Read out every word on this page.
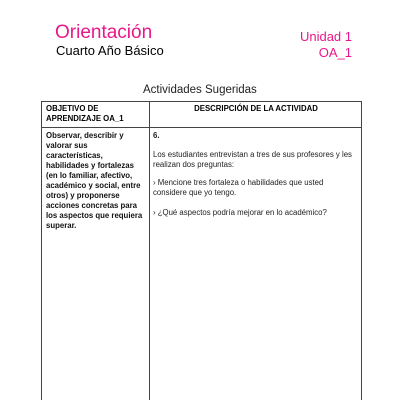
Orientación
Cuarto Año Básico
Unidad 1
OA_1
Actividades Sugeridas
OBJETIVO DE APRENDIZAJE OA_1
DESCRIPCIÓN DE LA ACTIVIDAD
Observar, describir y valorar sus características, habilidades y fortalezas (en lo familiar, afectivo, académico y social, entre otros) y proponerse acciones concretas para los aspectos que requiera superar.

6.

Los estudiantes entrevistan a tres de sus profesores y les realizan dos preguntas:

› Mencione tres fortaleza o habilidades que usted considere que yo tengo.

› ¿Qué aspectos podría mejorar en lo académico?
